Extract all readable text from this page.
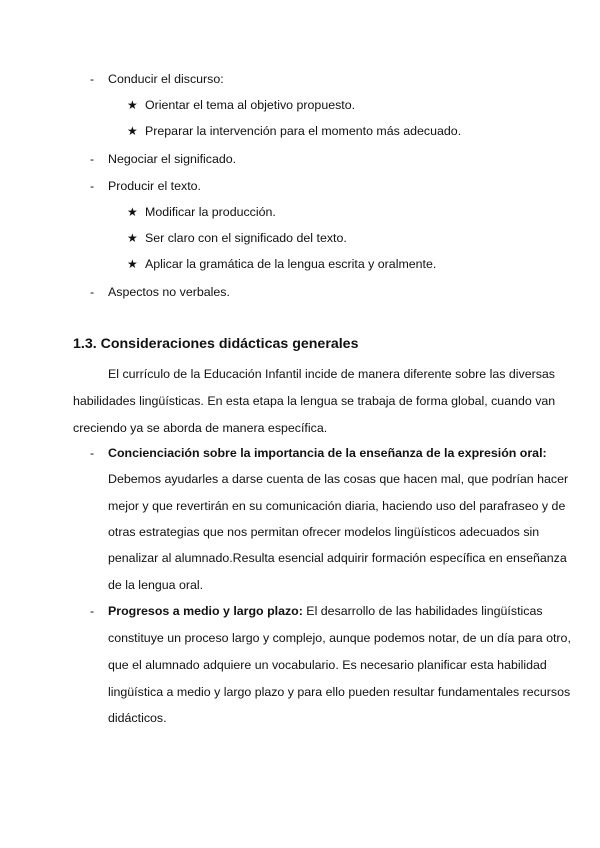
- Conducir el discurso:
★ Orientar el tema al objetivo propuesto.
★ Preparar la intervención para el momento más adecuado.
- Negociar el significado.
- Producir el texto.
★ Modificar la producción.
★ Ser claro con el significado del texto.
★ Aplicar la gramática de la lengua escrita y oralmente.
- Aspectos no verbales.
1.3. Consideraciones didácticas generales
El currículo de la Educación Infantil incide de manera diferente sobre las diversas
habilidades lingüísticas. En esta etapa la lengua se trabaja de forma global, cuando van
creciendo ya se aborda de manera específica.
- Concienciación sobre la importancia de la enseñanza de la expresión oral:
Debemos ayudarles a darse cuenta de las cosas que hacen mal, que podrían hacer
mejor y que revertirán en su comunicación diaria, haciendo uso del parafraseo y de
otras estrategias que nos permitan ofrecer modelos lingüísticos adecuados sin
penalizar al alumnado.Resulta esencial adquirir formación específica en enseñanza
de la lengua oral.
- Progresos a medio y largo plazo: El desarrollo de las habilidades lingüísticas
constituye un proceso largo y complejo, aunque podemos notar, de un día para otro,
que el alumnado adquiere un vocabulario. Es necesario planificar esta habilidad
lingüística a medio y largo plazo y para ello pueden resultar fundamentales recursos
didácticos.
